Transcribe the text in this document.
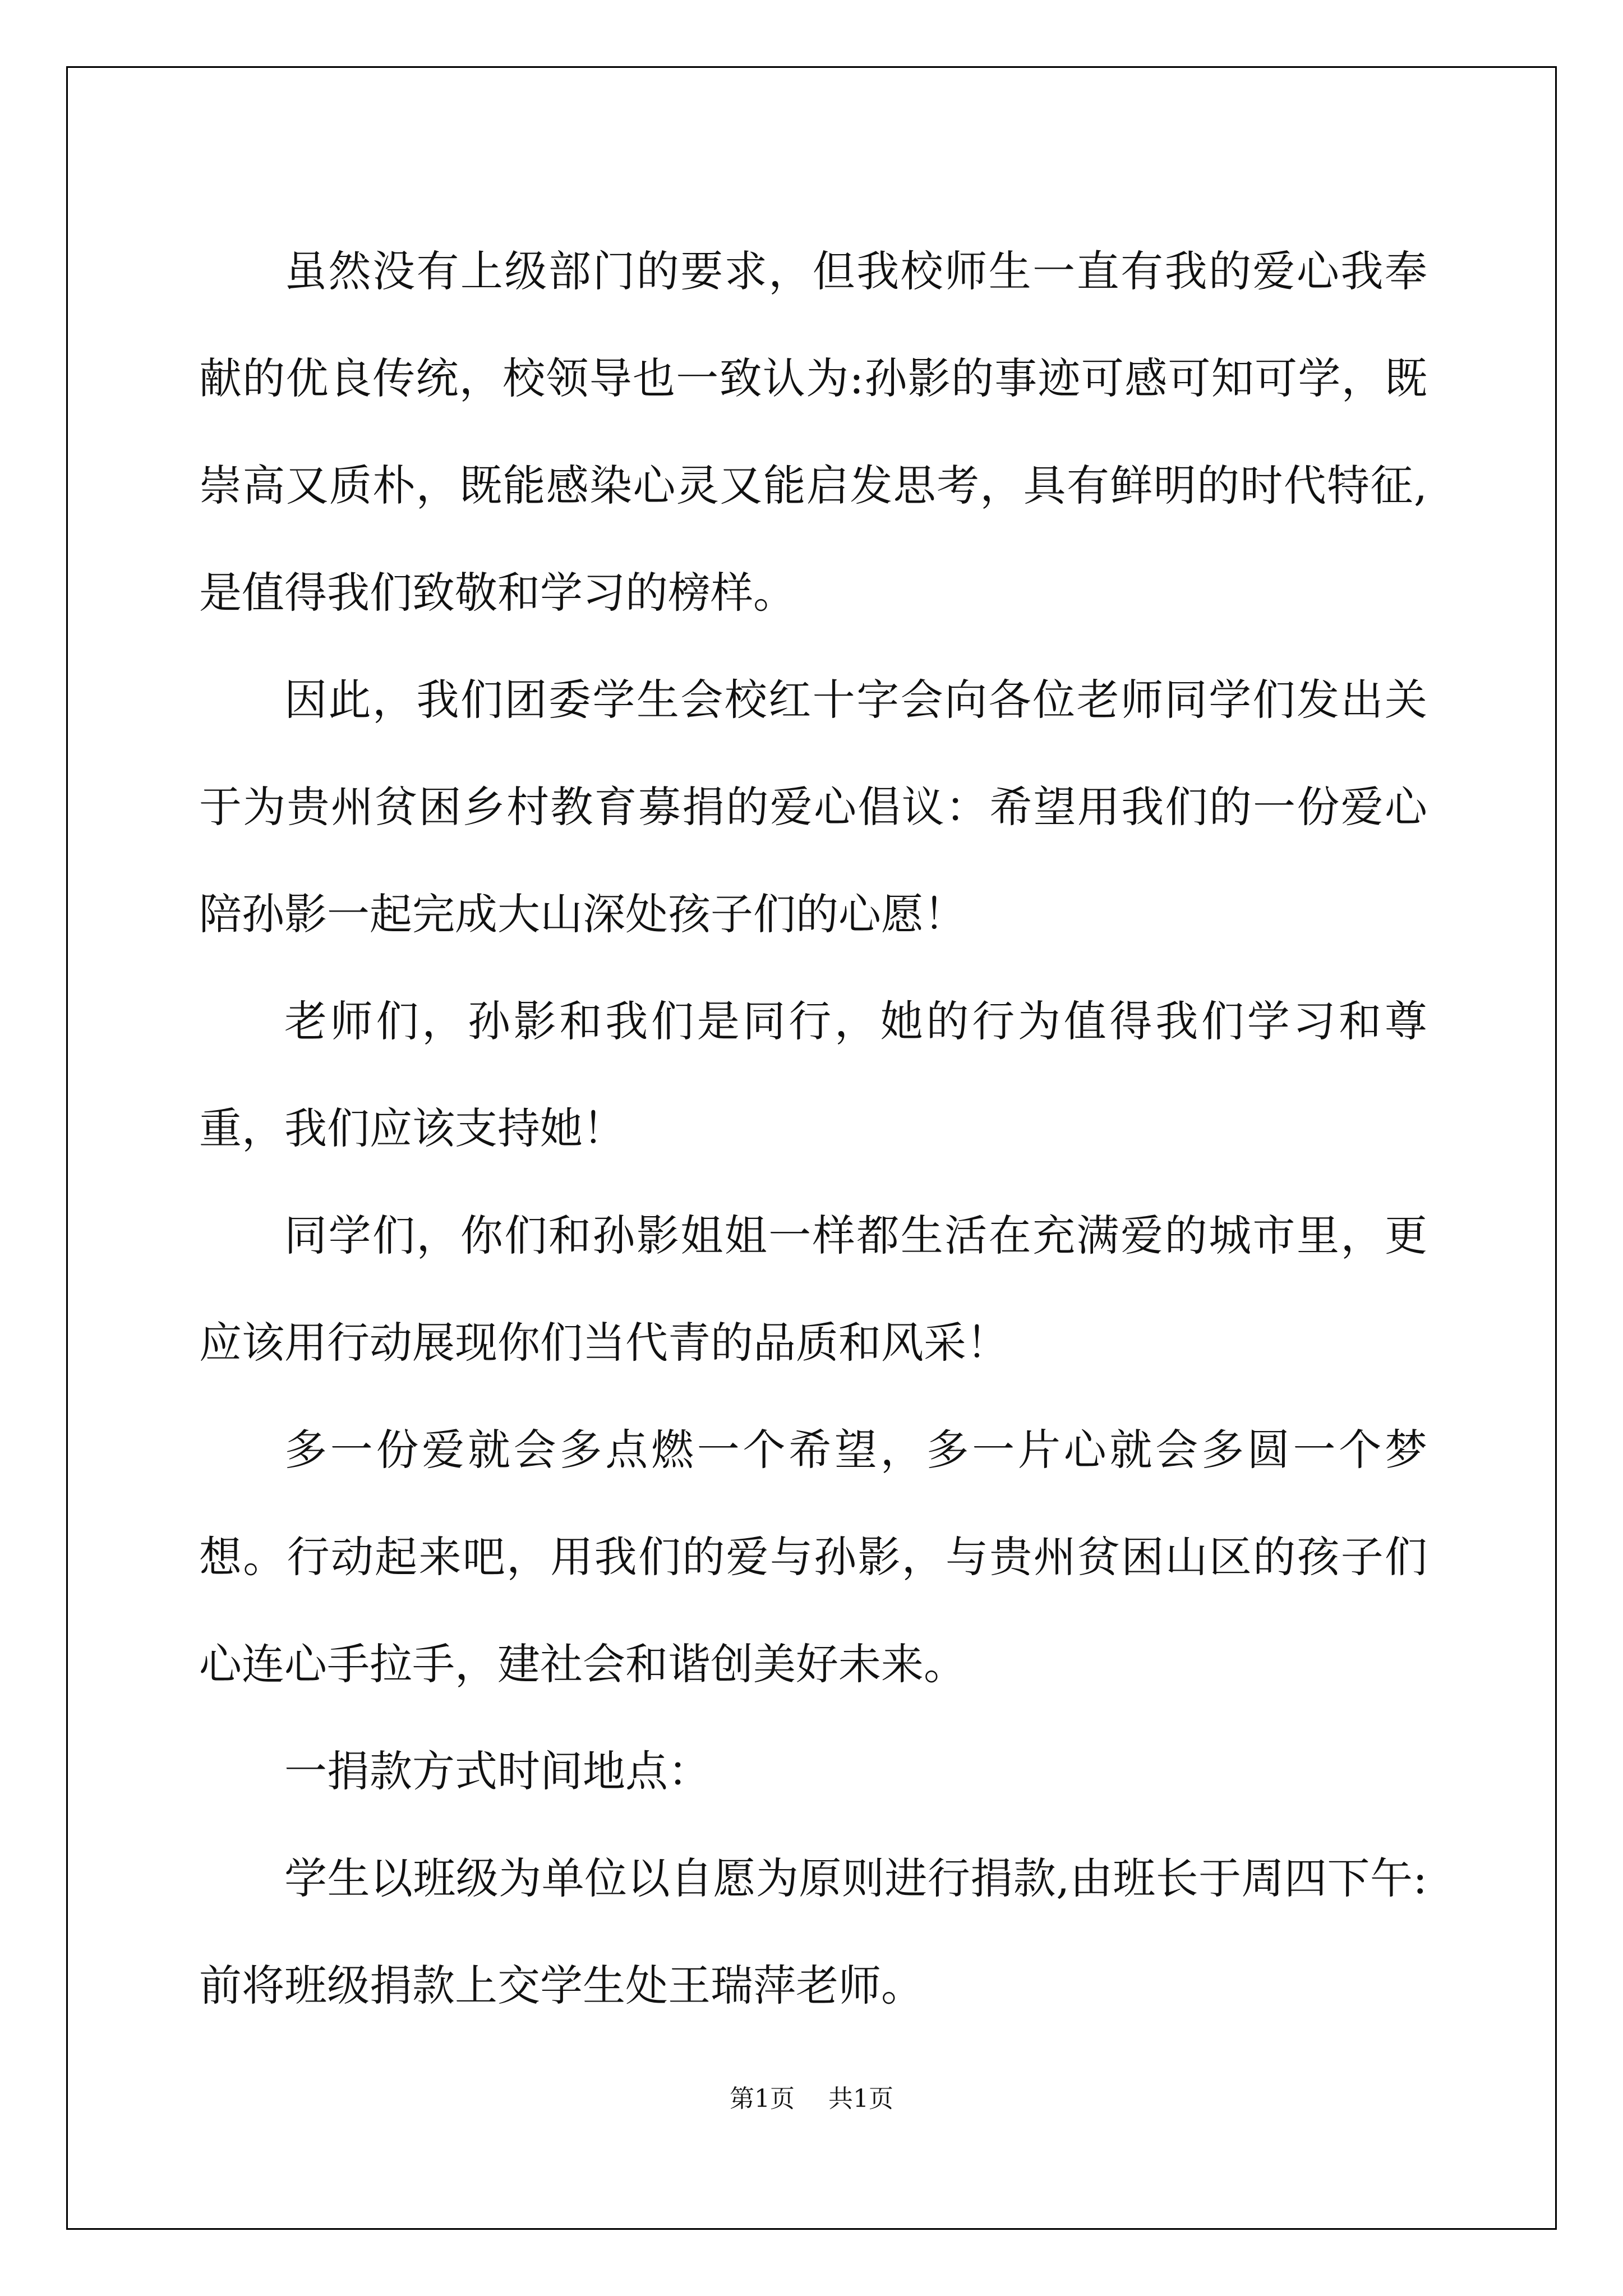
虽然没有上级部门的要求，但我校师生一直有我的爱心我奉献的优良传统，校领导也一致认为:孙影的事迹可感可知可学，既崇高又质朴，既能感染心灵又能启发思考，具有鲜明的时代特征,是值得我们致敬和学习的榜样。

因此，我们团委学生会校红十字会向各位老师同学们发出关于为贵州贫困乡村教育募捐的爱心倡议：希望用我们的一份爱心陪孙影一起完成大山深处孩子们的心愿！

老师们，孙影和我们是同行，她的行为值得我们学习和尊重，我们应该支持她！

同学们，你们和孙影姐姐一样都生活在充满爱的城市里，更应该用行动展现你们当代青的品质和风采！

多一份爱就会多点燃一个希望，多一片心就会多圆一个梦想。行动起来吧，用我们的爱与孙影，与贵州贫困山区的孩子们心连心手拉手，建社会和谐创美好未来。

一捐款方式时间地点：

学生以班级为单位以自愿为原则进行捐款,由班长于周四下午:前将班级捐款上交学生处王瑞萍老师。

第1页 共1页
